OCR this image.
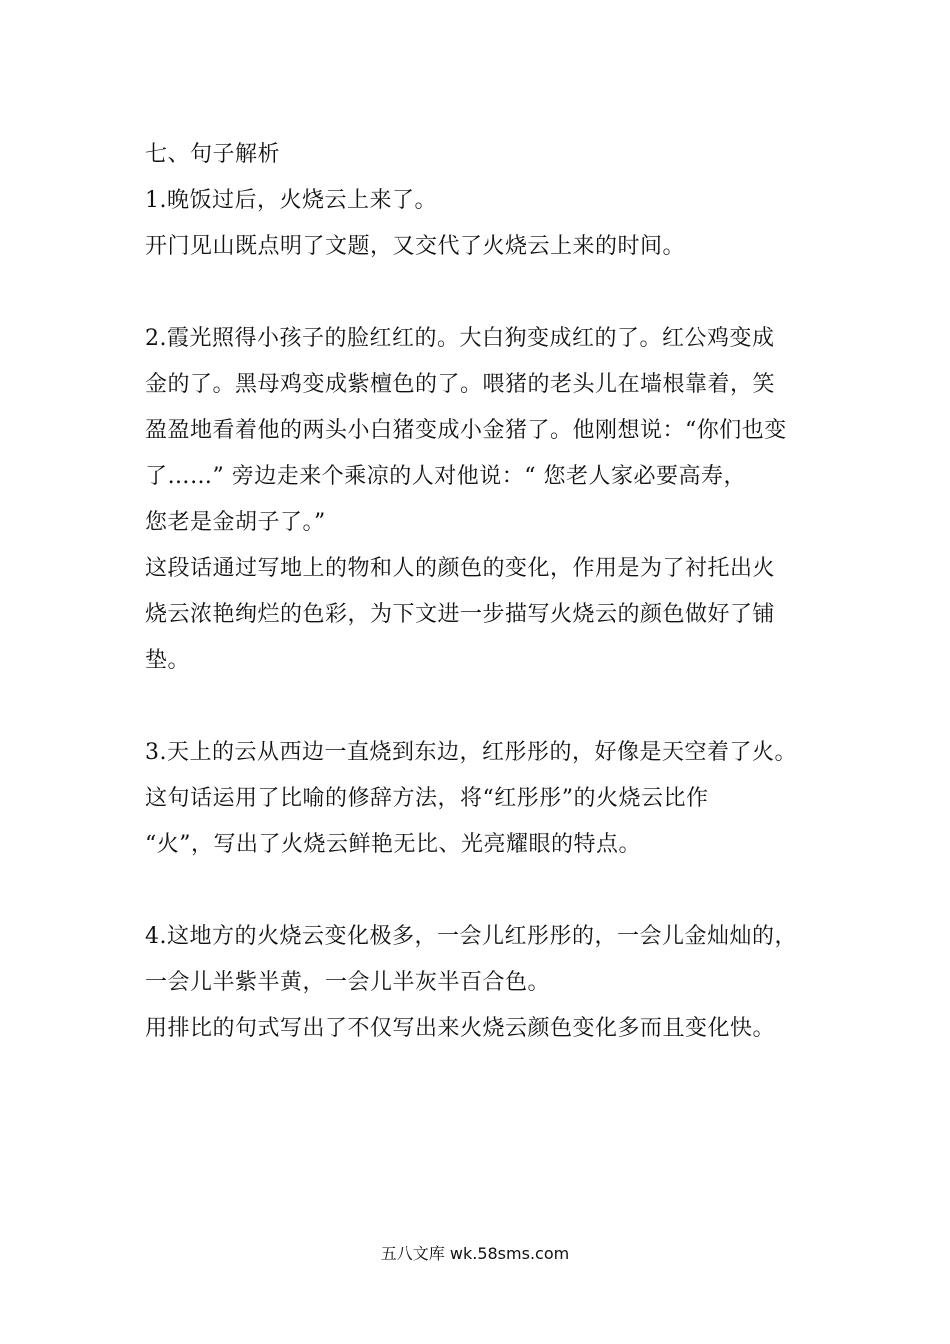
七、句子解析
1.晚饭过后，火烧云上来了。
开门见山既点明了文题，又交代了火烧云上来的时间。
2.霞光照得小孩子的脸红红的。大白狗变成红的了。红公鸡变成
金的了。黑母鸡变成紫檀色的了。喂猪的老头儿在墙根靠着，笑
盈盈地看着他的两头小白猪变成小金猪了。他刚想说：“你们也变
了……” 旁边走来个乘凉的人对他说：“ 您老人家必要高寿，
您老是金胡子了。”
这段话通过写地上的物和人的颜色的变化，作用是为了衬托出火
烧云浓艳绚烂的色彩，为下文进一步描写火烧云的颜色做好了铺
垫。
3.天上的云从西边一直烧到东边，红彤彤的，好像是天空着了火。
这句话运用了比喻的修辞方法，将“红彤彤”的火烧云比作
“火”，写出了火烧云鲜艳无比、光亮耀眼的特点。
4.这地方的火烧云变化极多，一会儿红彤彤的，一会儿金灿灿的，
一会儿半紫半黄，一会儿半灰半百合色。
用排比的句式写出了不仅写出来火烧云颜色变化多而且变化快。
五八文库 wk.58sms.com
